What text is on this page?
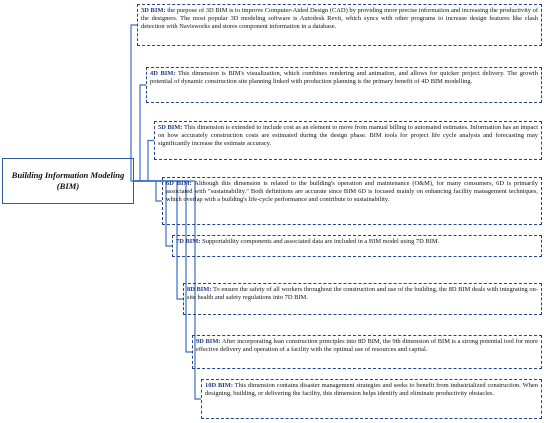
Building Information Modeling
(BIM)
3D BIM: the purpose of 3D BIM is to improve Computer-Aided Design (CAD) by providing more precise information and increasing the productivity of the designers. The most popular 3D modeling software is Autodesk Revit, which syncs with other programs to increase design features like clash detection with Navisworks and stores component information in a database.
4D BIM: This dimension is BIM's visualization, which combines rendering and animation, and allows for quicker project delivery. The growth potential of dynamic construction site planning linked with production planning is the primary benefit of 4D BIM modelling.
5D BIM: This dimension is extended to include cost as an element to move from manual billing to automated estimates. Information has an impact on how accurately construction costs are estimated during the design phase. BIM tools for project life cycle analysis and forecasting may significantly increase the estimate accuracy.
6D BIM: Although this dimension is related to the building's operation and maintenance (O&M), for many consumers, 6D is primarily associated with "sustainability." Both definitions are accurate since BIM 6D is focused mainly on enhancing facility management techniques, which overlap with a building's life-cycle performance and contribute to sustainability.
7D BIM: Supportability components and associated data are included in a BIM model using 7D BIM.
8D BIM: To ensure the safety of all workers throughout the construction and use of the building, the 8D BIM deals with integrating on-site health and safety regulations into 7D BIM.
9D BIM: After incorporating lean construction principles into 8D BIM, the 9th dimension of BIM is a strong potential tool for more effective delivery and operation of a facility with the optimal use of resources and capital.
10D BIM: This dimension contains disaster management strategies and seeks to benefit from industrialized construction. When designing, building, or delivering the facility, this dimension helps identify and eliminate productivity obstacles.
